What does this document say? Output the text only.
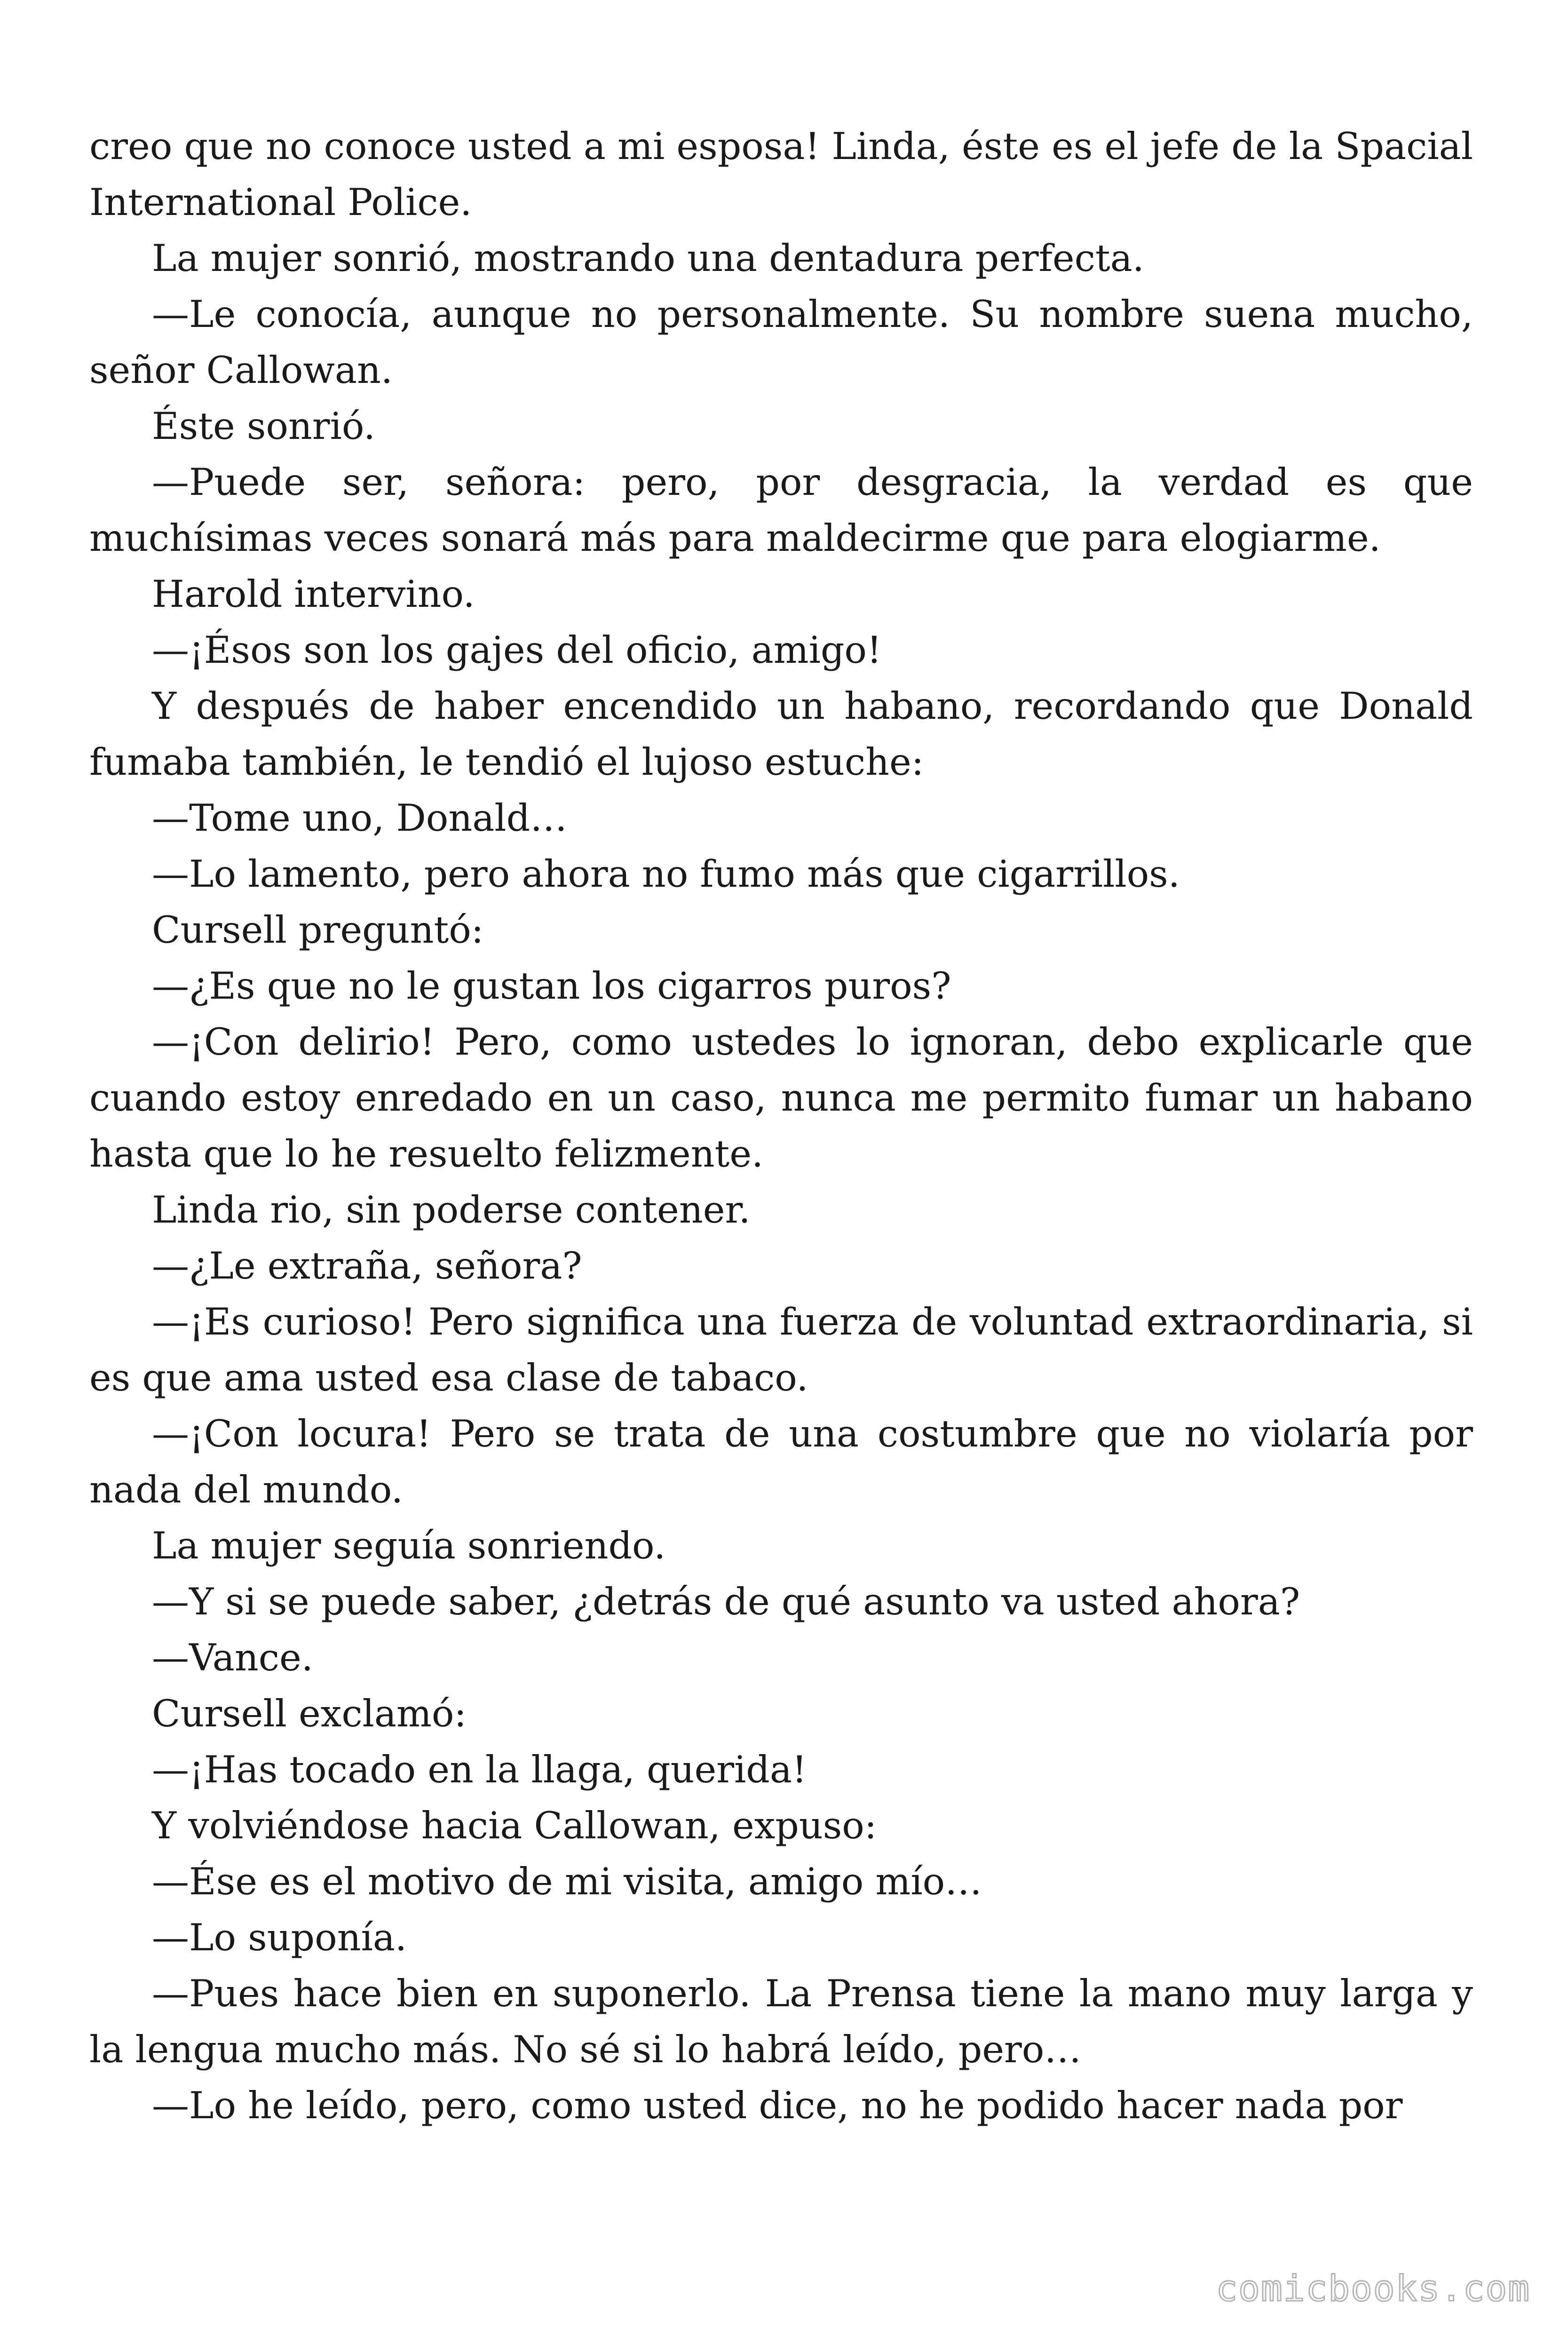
creo que no conoce usted a mi esposa! Linda, éste es el jefe de la Spacial International Police.

La mujer sonrió, mostrando una dentadura perfecta.

—Le conocía, aunque no personalmente. Su nombre suena mucho, señor Callowan.

Éste sonrió.

—Puede ser, señora: pero, por desgracia, la verdad es que muchísimas veces sonará más para maldecirme que para elogiarme.

Harold intervino.

—¡Ésos son los gajes del oficio, amigo!

Y después de haber encendido un habano, recordando que Donald fumaba también, le tendió el lujoso estuche:

—Tome uno, Donald…

—Lo lamento, pero ahora no fumo más que cigarrillos.

Cursell preguntó:

—¿Es que no le gustan los cigarros puros?

—¡Con delirio! Pero, como ustedes lo ignoran, debo explicarle que cuando estoy enredado en un caso, nunca me permito fumar un habano hasta que lo he resuelto felizmente.

Linda rio, sin poderse contener.

—¿Le extraña, señora?

—¡Es curioso! Pero significa una fuerza de voluntad extraordinaria, si es que ama usted esa clase de tabaco.

—¡Con locura! Pero se trata de una costumbre que no violaría por nada del mundo.

La mujer seguía sonriendo.

—Y si se puede saber, ¿detrás de qué asunto va usted ahora?

—Vance.

Cursell exclamó:

—¡Has tocado en la llaga, querida!

Y volviéndose hacia Callowan, expuso:

—Ése es el motivo de mi visita, amigo mío…

—Lo suponía.

—Pues hace bien en suponerlo. La Prensa tiene la mano muy larga y la lengua mucho más. No sé si lo habrá leído, pero…

—Lo he leído, pero, como usted dice, no he podido hacer nada por

comicbooks.com
